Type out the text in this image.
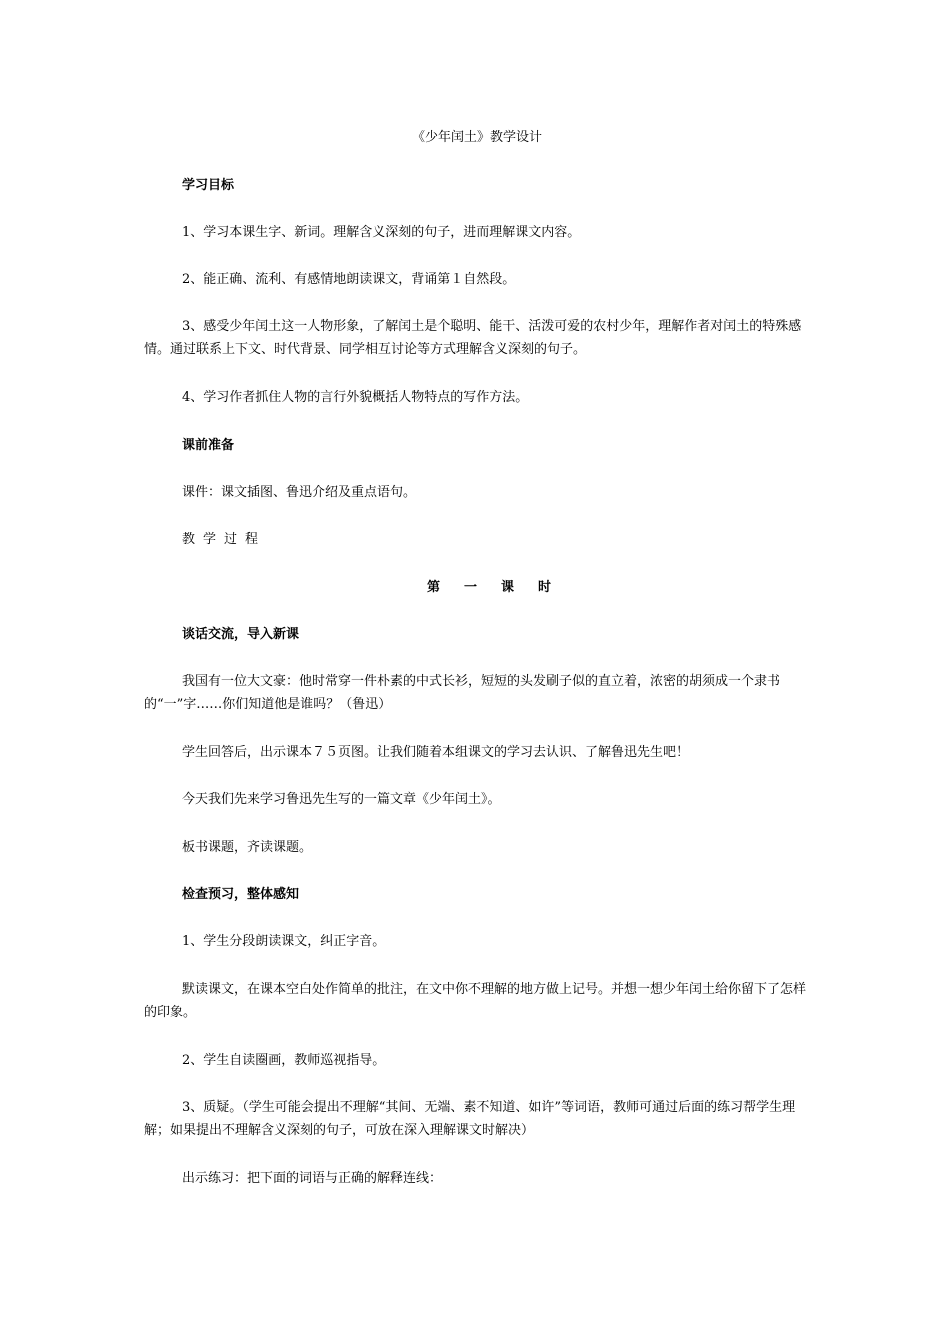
《少年闰土》教学设计
学习目标
1、学习本课生字、新词。理解含义深刻的句子，进而理解课文内容。
2、能正确、流利、有感情地朗读课文，背诵第１自然段。
3、感受少年闰土这一人物形象，了解闰土是个聪明、能干、活泼可爱的农村少年，理解作者对闰土的特殊感情。通过联系上下文、时代背景、同学相互讨论等方式理解含义深刻的句子。
4、学习作者抓住人物的言行外貌概括人物特点的写作方法。
课前准备
课件：课文插图、鲁迅介绍及重点语句。
教学过程
第一课时
谈话交流，导入新课
我国有一位大文豪：他时常穿一件朴素的中式长衫，短短的头发刷子似的直立着，浓密的胡须成一个隶书的“一”字……你们知道他是谁吗？（鲁迅）
学生回答后，出示课本７５页图。让我们随着本组课文的学习去认识、了解鲁迅先生吧！
今天我们先来学习鲁迅先生写的一篇文章《少年闰土》。
板书课题，齐读课题。
检查预习，整体感知
1、学生分段朗读课文，纠正字音。
默读课文，在课本空白处作简单的批注，在文中你不理解的地方做上记号。并想一想少年闰土给你留下了怎样的印象。
2、学生自读圈画，教师巡视指导。
3、质疑。（学生可能会提出不理解“其间、无端、素不知道、如许”等词语，教师可通过后面的练习帮学生理解；如果提出不理解含义深刻的句子，可放在深入理解课文时解决）
出示练习：把下面的词语与正确的解释连线：
